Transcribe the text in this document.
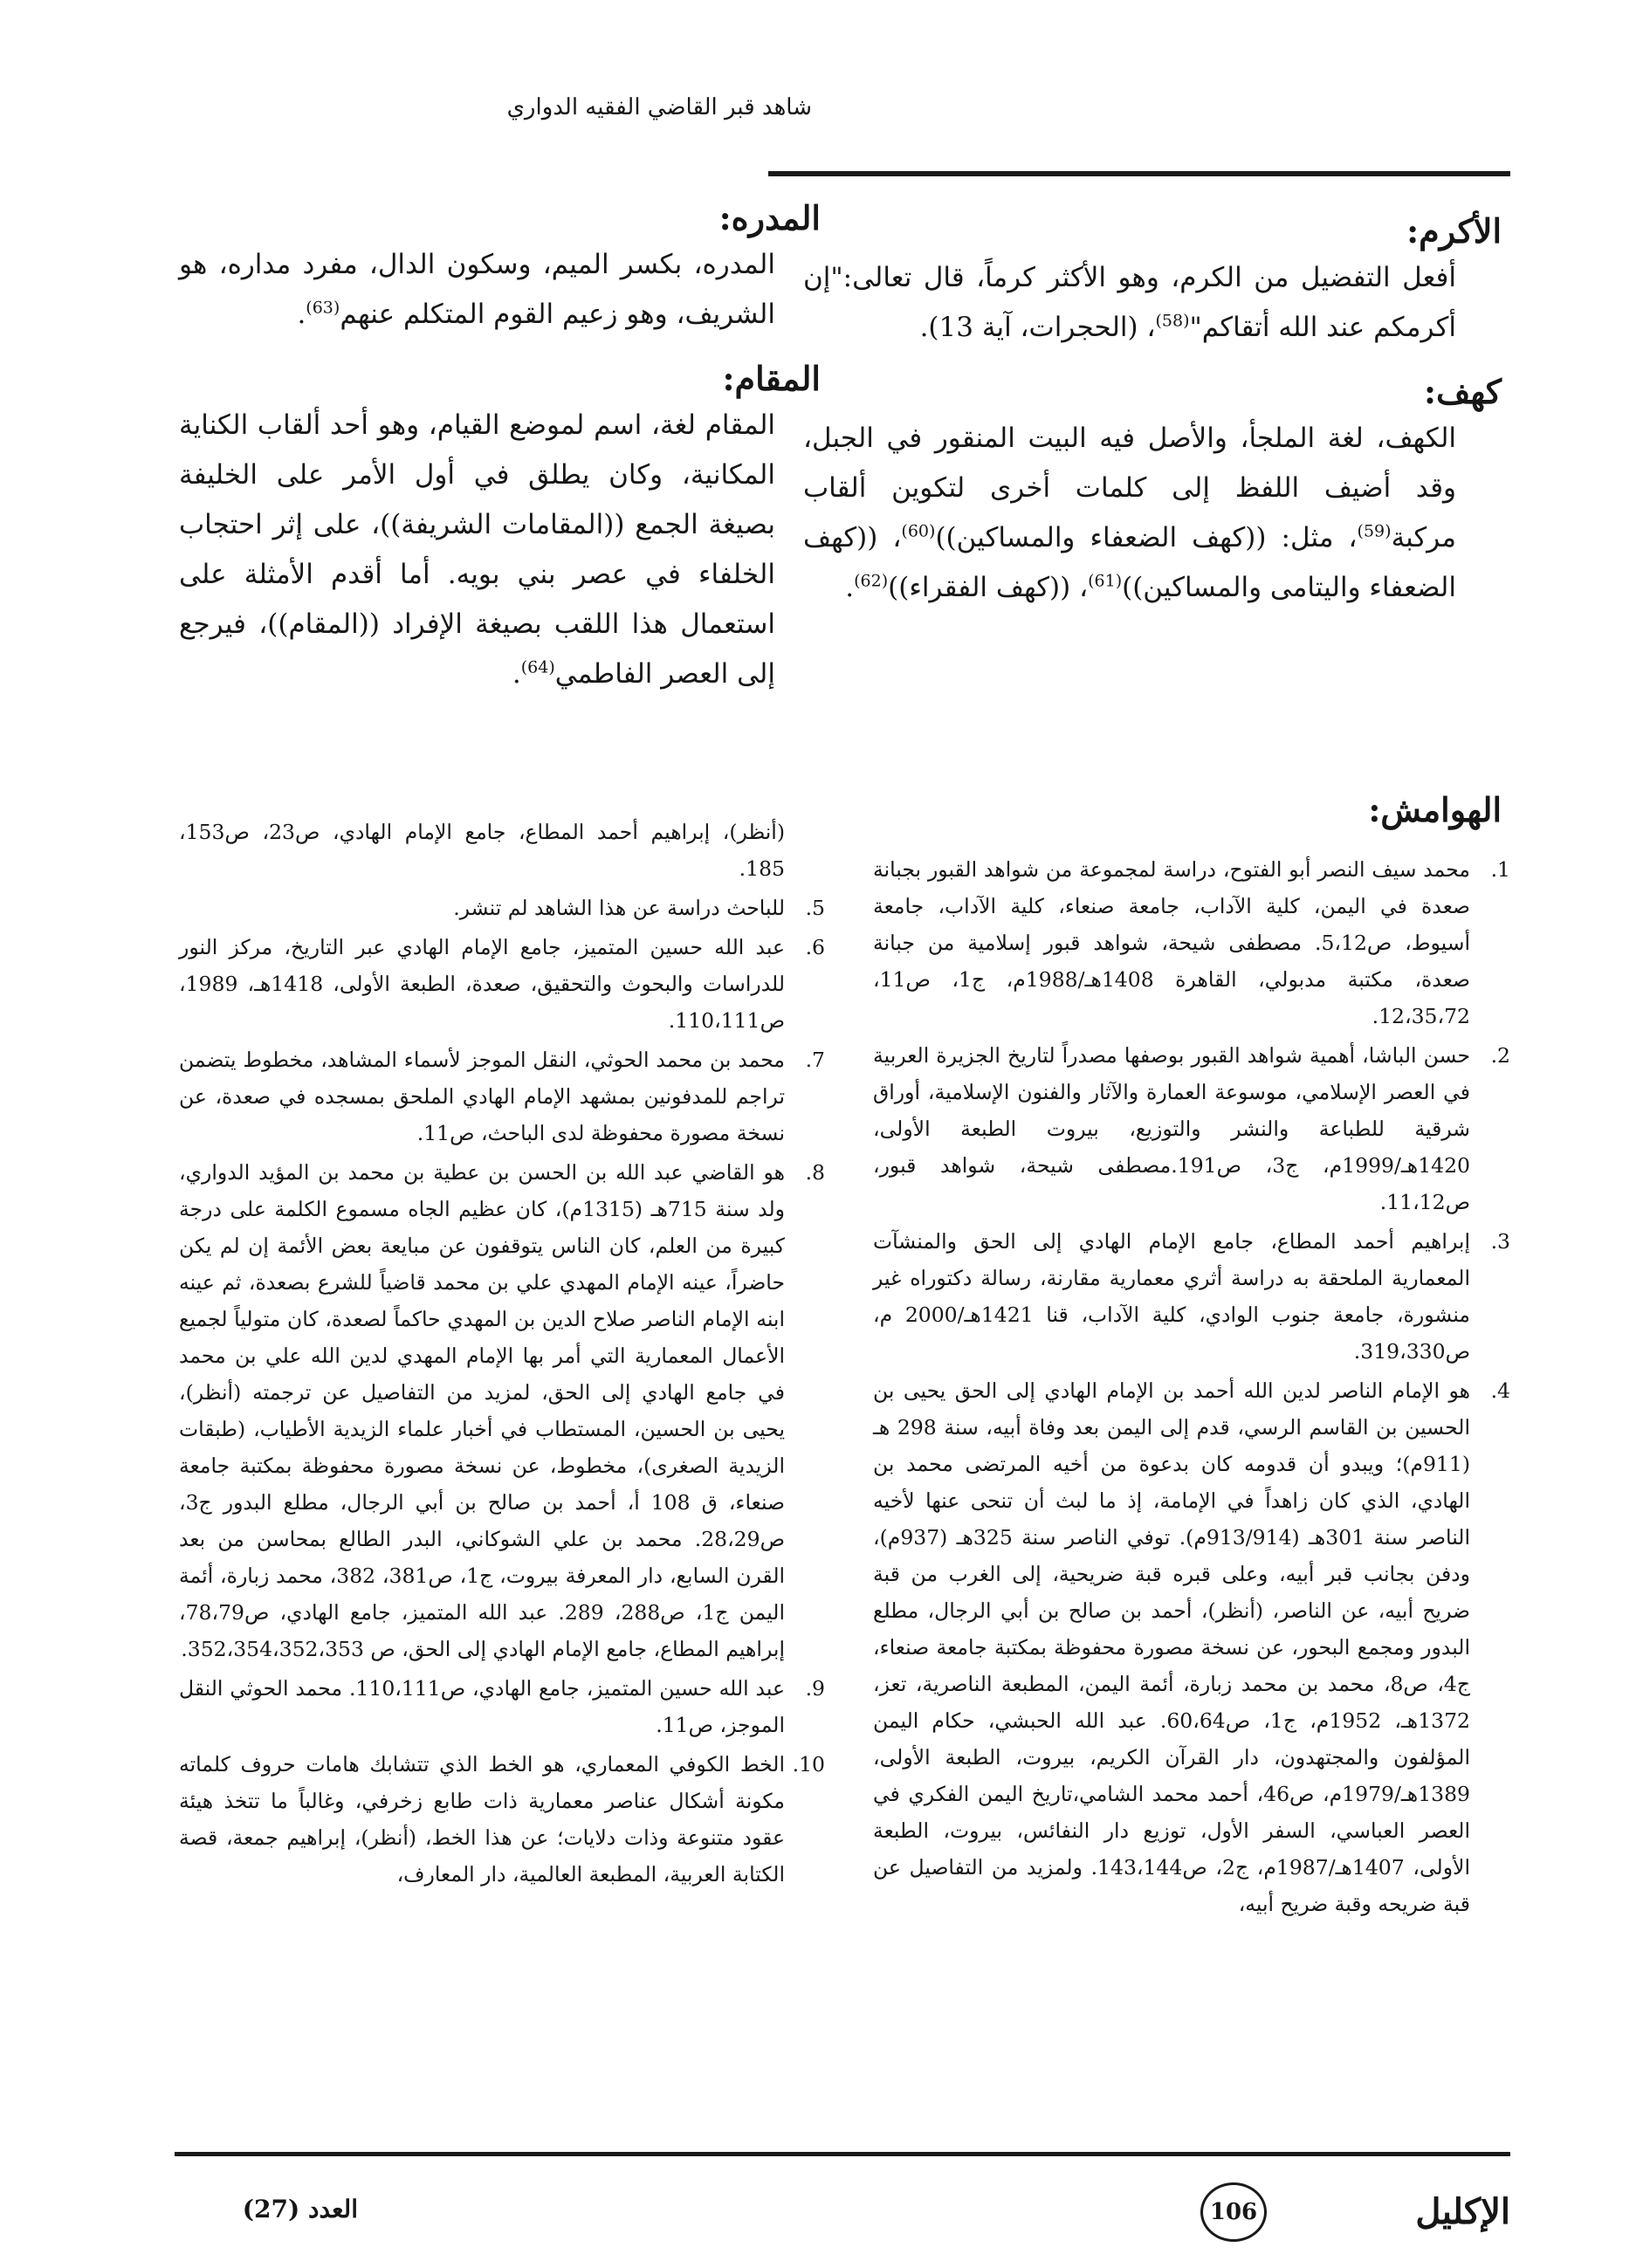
شاهد قبر القاضي الفقيه الدواري
الأكرم:
أفعل التفضيل من الكرم، وهو الأكثر كرماً، قال تعالى:"إن أكرمكم عند الله أتقاكم"$^{(58)}$، (الحجرات، آية 13).
كهف:
الكهف، لغة الملجأ، والأصل فيه البيت المنقور في الجبل، وقد أضيف اللفظ إلى كلمات أخرى لتكوين ألقاب مركبة$^{(59)}$، مثل: ((كهف الضعفاء والمساكين))$^{(60)}$، ((كهف الضعفاء واليتامى والمساكين))$^{(61)}$، ((كهف الفقراء))$^{(62)}$.
المدره:
المدره، بكسر الميم، وسكون الدال، مفرد مداره، هو الشريف، وهو زعيم القوم المتكلم عنهم$^{(63)}$.
المقام:
المقام لغة، اسم لموضع القيام، وهو أحد ألقاب الكناية المكانية، وكان يطلق في أول الأمر على الخليفة بصيغة الجمع ((المقامات الشريفة))، على إثر احتجاب الخلفاء في عصر بني بويه. أما أقدم الأمثلة على استعمال هذا اللقب بصيغة الإفراد ((المقام))، فيرجع إلى العصر الفاطمي$^{(64)}$.
الهوامش:
1.
محمد سيف النصر أبو الفتوح، دراسة لمجموعة من شواهد القبور بجبانة صعدة في اليمن، كلية الآداب، جامعة صنعاء، كلية الآداب، جامعة أسيوط، ص5،12. مصطفى شيحة، شواهد قبور إسلامية من جبانة صعدة، مكتبة مدبولي، القاهرة 1408هـ/1988م، ج1، ص11، 12،35،72.
2.
حسن الباشا، أهمية شواهد القبور بوصفها مصدراً لتاريخ الجزيرة العربية في العصر الإسلامي، موسوعة العمارة والآثار والفنون الإسلامية، أوراق شرقية للطباعة والنشر والتوزيع، بيروت الطبعة الأولى، 1420هـ/1999م، ج3، ص191.مصطفى شيحة، شواهد قبور، ص11،12.
3.
إبراهيم أحمد المطاع، جامع الإمام الهادي إلى الحق والمنشآت المعمارية الملحقة به دراسة أثري معمارية مقارنة، رسالة دكتوراه غير منشورة، جامعة جنوب الوادي، كلية الآداب، قنا 1421هـ/2000 م، ص319،330.
4.
هو الإمام الناصر لدين الله أحمد بن الإمام الهادي إلى الحق يحيى بن الحسين بن القاسم الرسي، قدم إلى اليمن بعد وفاة أبيه، سنة 298 هـ (911م)؛ ويبدو أن قدومه كان بدعوة من أخيه المرتضى محمد بن الهادي، الذي كان زاهداً في الإمامة، إذ ما لبث أن تنحى عنها لأخيه الناصر سنة 301هـ (913/914م). توفي الناصر سنة 325هـ (937م)، ودفن بجانب قبر أبيه، وعلى قبره قبة ضريحية، إلى الغرب من قبة ضريح أبيه، عن الناصر، (أنظر)، أحمد بن صالح بن أبي الرجال، مطلع البدور ومجمع البحور، عن نسخة مصورة محفوظة بمكتبة جامعة صنعاء، ج4، ص8، محمد بن محمد زبارة، أئمة اليمن، المطبعة الناصرية، تعز، 1372هـ، 1952م، ج1، ص60،64. عبد الله الحبشي، حكام اليمن المؤلفون والمجتهدون، دار القرآن الكريم، بيروت، الطبعة الأولى، 1389هـ/1979م، ص46، أحمد محمد الشامي،تاريخ اليمن الفكري في العصر العباسي، السفر الأول، توزيع دار النفائس، بيروت، الطبعة الأولى، 1407هـ/1987م، ج2، ص143،144. ولمزيد من التفاصيل عن قبة ضريحه وقبة ضريح أبيه،
(أنظر)، إبراهيم أحمد المطاع، جامع الإمام الهادي، ص23، ص153، 185.
5.
للباحث دراسة عن هذا الشاهد لم تنشر.
6.
عبد الله حسين المتميز، جامع الإمام الهادي عبر التاريخ، مركز النور للدراسات والبحوث والتحقيق، صعدة، الطبعة الأولى، 1418هـ، 1989، ص110،111.
7.
محمد بن محمد الحوثي، النقل الموجز لأسماء المشاهد، مخطوط يتضمن تراجم للمدفونين بمشهد الإمام الهادي الملحق بمسجده في صعدة، عن نسخة مصورة محفوظة لدى الباحث، ص11.
8.
هو القاضي عبد الله بن الحسن بن عطية بن محمد بن المؤيد الدواري، ولد سنة 715هـ (1315م)، كان عظيم الجاه مسموع الكلمة على درجة كبيرة من العلم، كان الناس يتوقفون عن مبايعة بعض الأئمة إن لم يكن حاضراً، عينه الإمام المهدي علي بن محمد قاضياً للشرع بصعدة، ثم عينه ابنه الإمام الناصر صلاح الدين بن المهدي حاكماً لصعدة، كان متولياً لجميع الأعمال المعمارية التي أمر بها الإمام المهدي لدين الله علي بن محمد في جامع الهادي إلى الحق، لمزيد من التفاصيل عن ترجمته (أنظر)، يحيى بن الحسين، المستطاب في أخبار علماء الزيدية الأطياب، (طبقات الزيدية الصغرى)، مخطوط، عن نسخة مصورة محفوظة بمكتبة جامعة صنعاء، ق 108 أ، أحمد بن صالح بن أبي الرجال، مطلع البدور ج3، ص28،29. محمد بن علي الشوكاني، البدر الطالع بمحاسن من بعد القرن السابع، دار المعرفة بيروت، ج1، ص381، 382، محمد زبارة، أئمة اليمن ج1، ص288، 289. عبد الله المتميز، جامع الهادي، ص78،79، إبراهيم المطاع، جامع الإمام الهادي إلى الحق، ص 352،354،352،353.
9.
عبد الله حسين المتميز، جامع الهادي، ص110،111. محمد الحوثي النقل الموجز، ص11.
10.
الخط الكوفي المعماري، هو الخط الذي تتشابك هامات حروف كلماته مكونة أشكال عناصر معمارية ذات طابع زخرفي، وغالباً ما تتخذ هيئة عقود متنوعة وذات دلايات؛ عن هذا الخط، (أنظر)، إبراهيم جمعة، قصة الكتابة العربية، المطبعة العالمية، دار المعارف،
الإكليل
106
العدد (27)
